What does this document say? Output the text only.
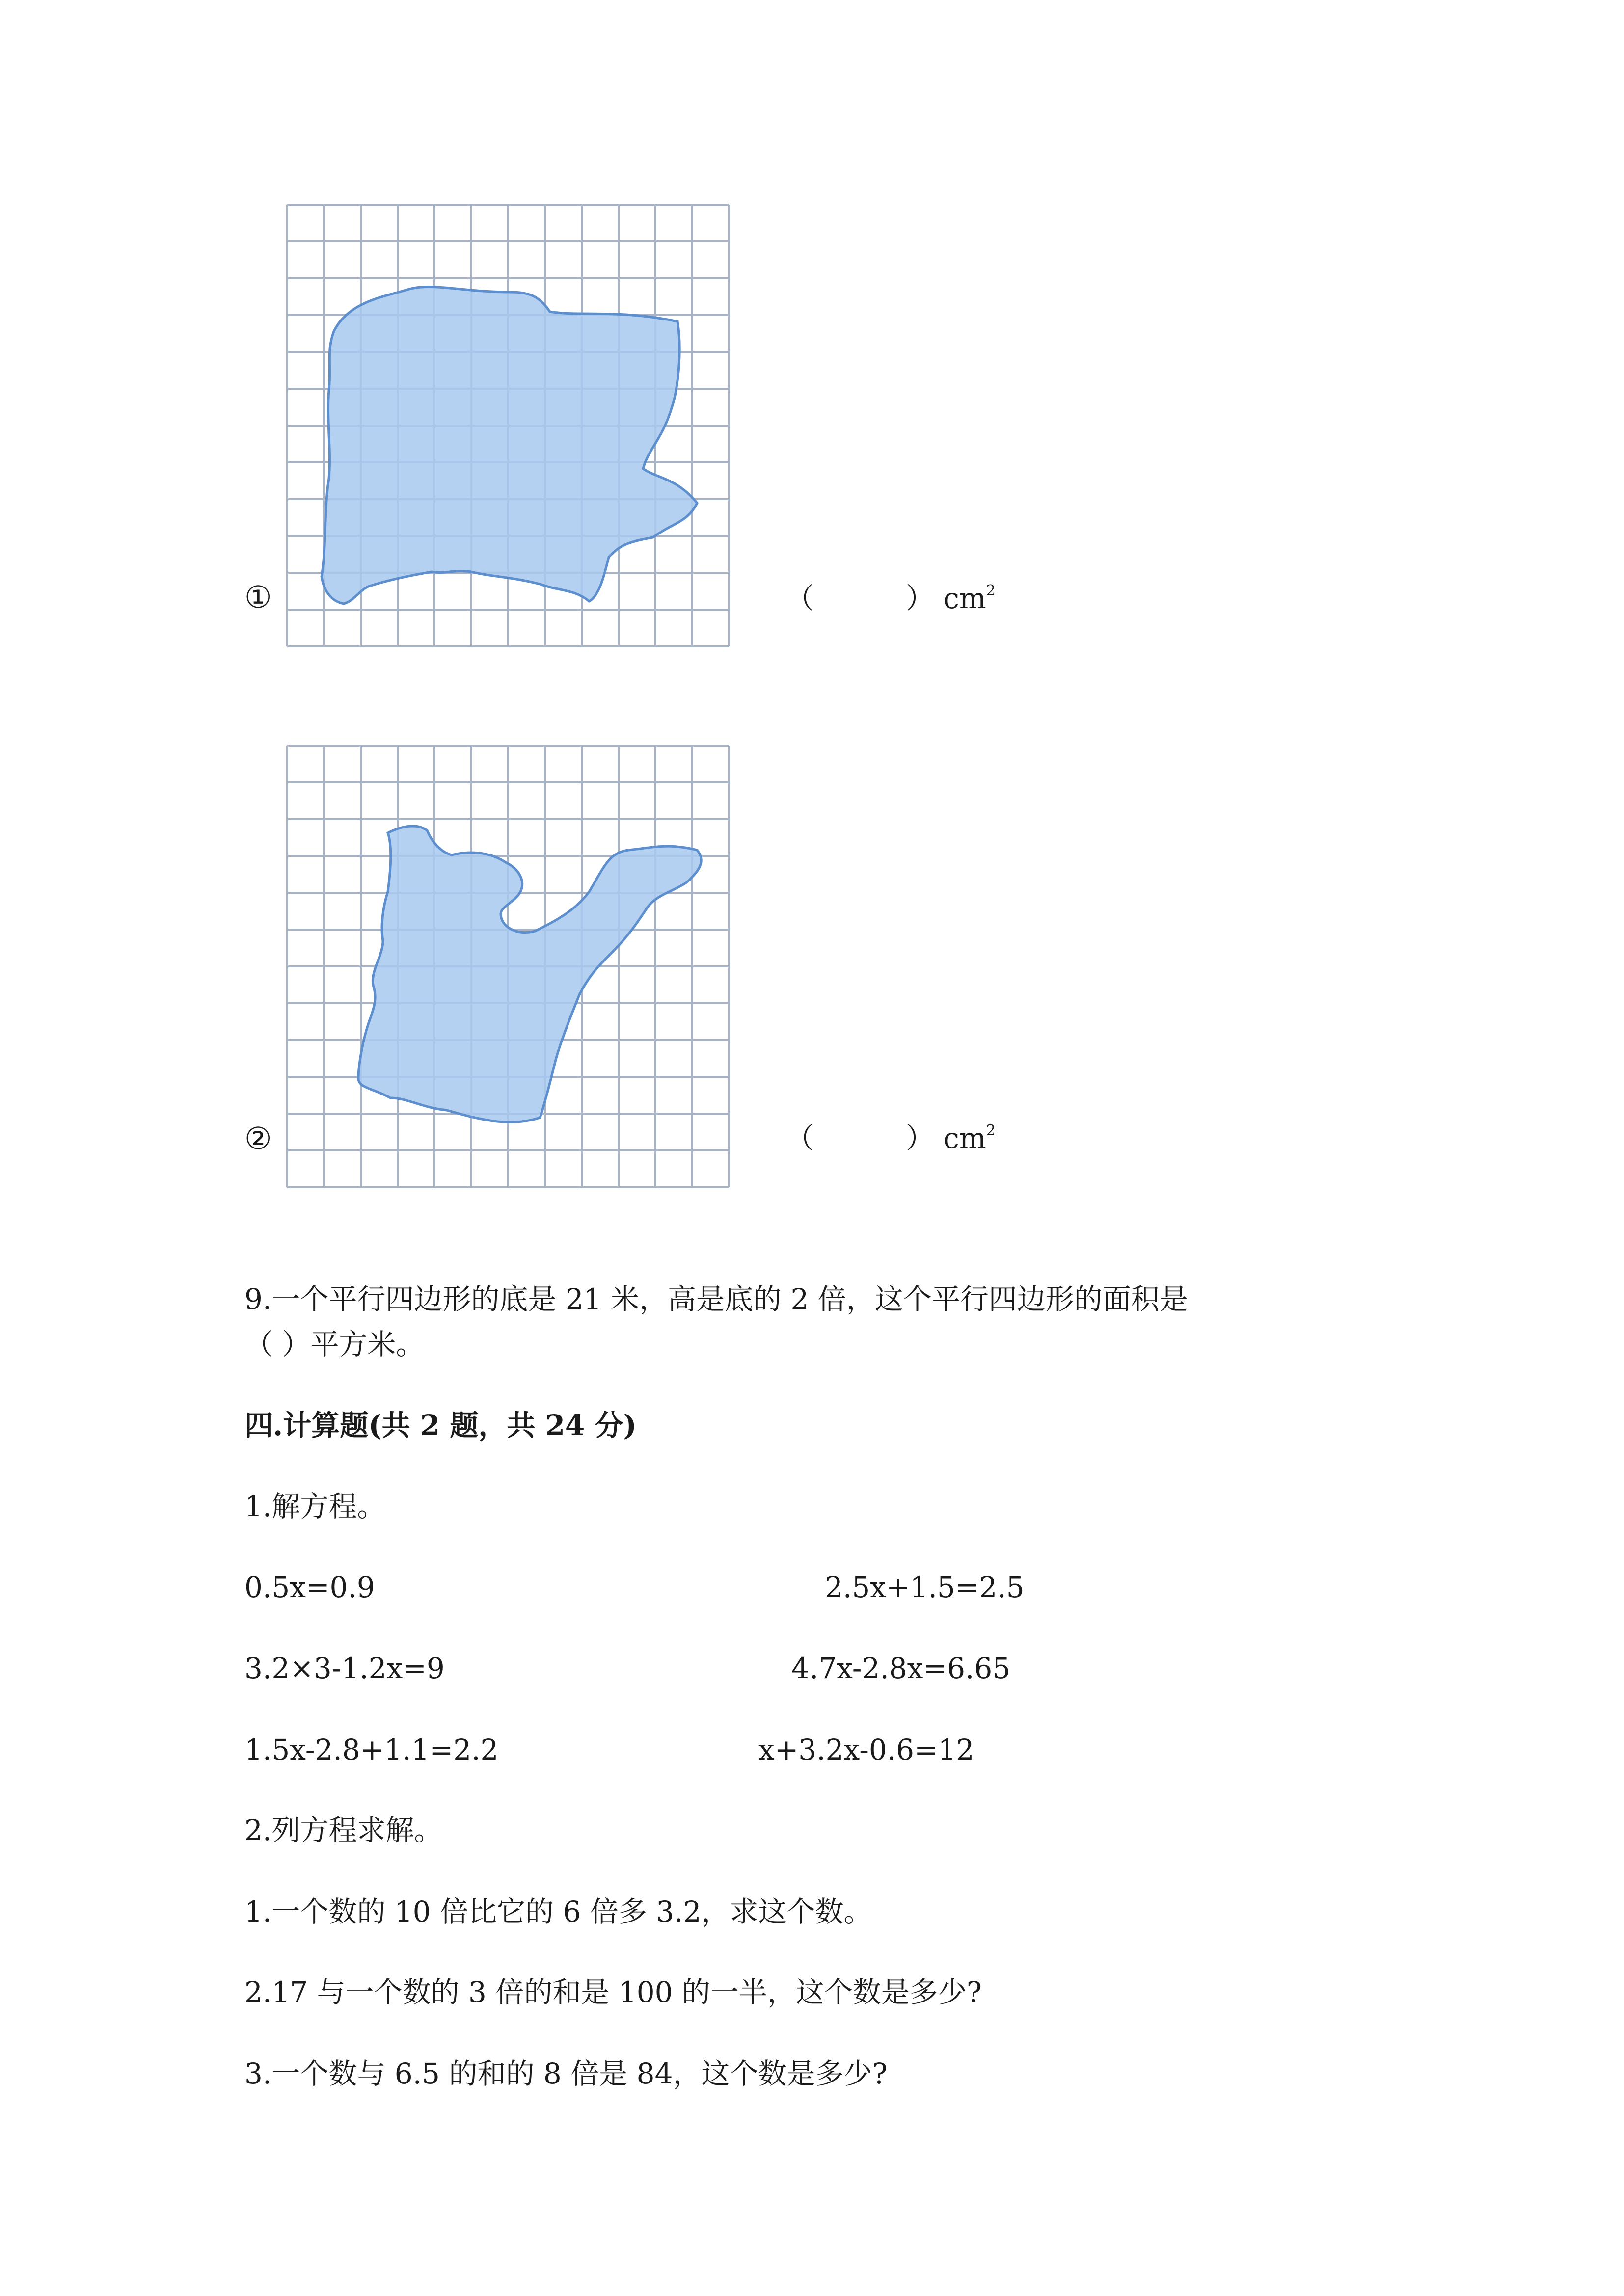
①	（	） $cm^2$
②	（	） $cm^2$
9.一个平行四边形的底是 21 米，高是底的 2 倍，这个平行四边形的面积是
（ ）平方米。
四.计算题(共 2 题，共 24 分)
1.解方程。
0.5x=0.9	2.5x+1.5=2.5
3.2×3-1.2x=9	4.7x-2.8x=6.65
1.5x-2.8+1.1=2.2	x+3.2x-0.6=12
2.列方程求解。
1.一个数的 10 倍比它的 6 倍多 3.2，求这个数。
2.17 与一个数的 3 倍的和是 100 的一半，这个数是多少?
3.一个数与 6.5 的和的 8 倍是 84，这个数是多少?
